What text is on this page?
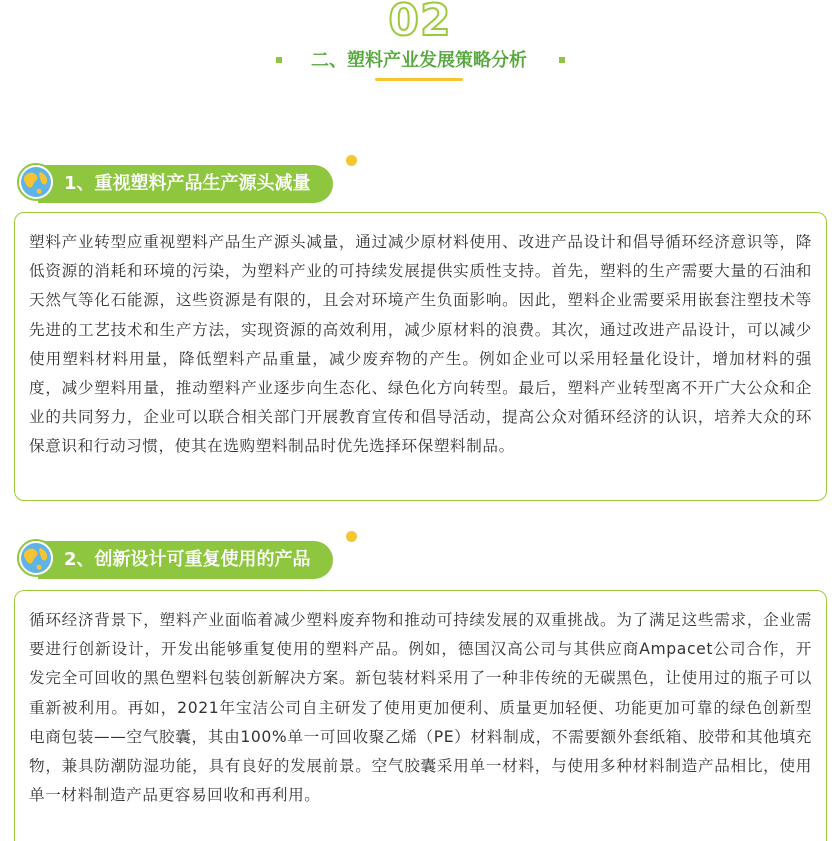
02
二、塑料产业发展策略分析
1、重视塑料产品生产源头减量
塑料产业转型应重视塑料产品生产源头减量，通过减少原材料使用、改进产品设计和倡导循环经济意识等，降低资源的消耗和环境的污染，为塑料产业的可持续发展提供实质性支持。首先，塑料的生产需要大量的石油和天然气等化石能源，这些资源是有限的，且会对环境产生负面影响。因此，塑料企业需要采用嵌套注塑技术等先进的工艺技术和生产方法，实现资源的高效利用，减少原材料的浪费。其次，通过改进产品设计，可以减少使用塑料材料用量，降低塑料产品重量，减少废弃物的产生。例如企业可以采用轻量化设计，增加材料的强度，减少塑料用量，推动塑料产业逐步向生态化、绿色化方向转型。最后，塑料产业转型离不开广大公众和企业的共同努力，企业可以联合相关部门开展教育宣传和倡导活动，提高公众对循环经济的认识，培养大众的环保意识和行动习惯，使其在选购塑料制品时优先选择环保塑料制品。
2、创新设计可重复使用的产品
循环经济背景下，塑料产业面临着减少塑料废弃物和推动可持续发展的双重挑战。为了满足这些需求，企业需要进行创新设计，开发出能够重复使用的塑料产品。例如，德国汉高公司与其供应商Ampacet公司合作，开发完全可回收的黑色塑料包装创新解决方案。新包装材料采用了一种非传统的无碳黑色，让使用过的瓶子可以重新被利用。再如，2021年宝洁公司自主研发了使用更加便利、质量更加轻便、功能更加可靠的绿色创新型电商包装——空气胶囊，其由100%单一可回收聚乙烯（PE）材料制成，不需要额外套纸箱、胶带和其他填充物，兼具防潮防湿功能，具有良好的发展前景。空气胶囊采用单一材料，与使用多种材料制造产品相比，使用单一材料制造产品更容易回收和再利用。
